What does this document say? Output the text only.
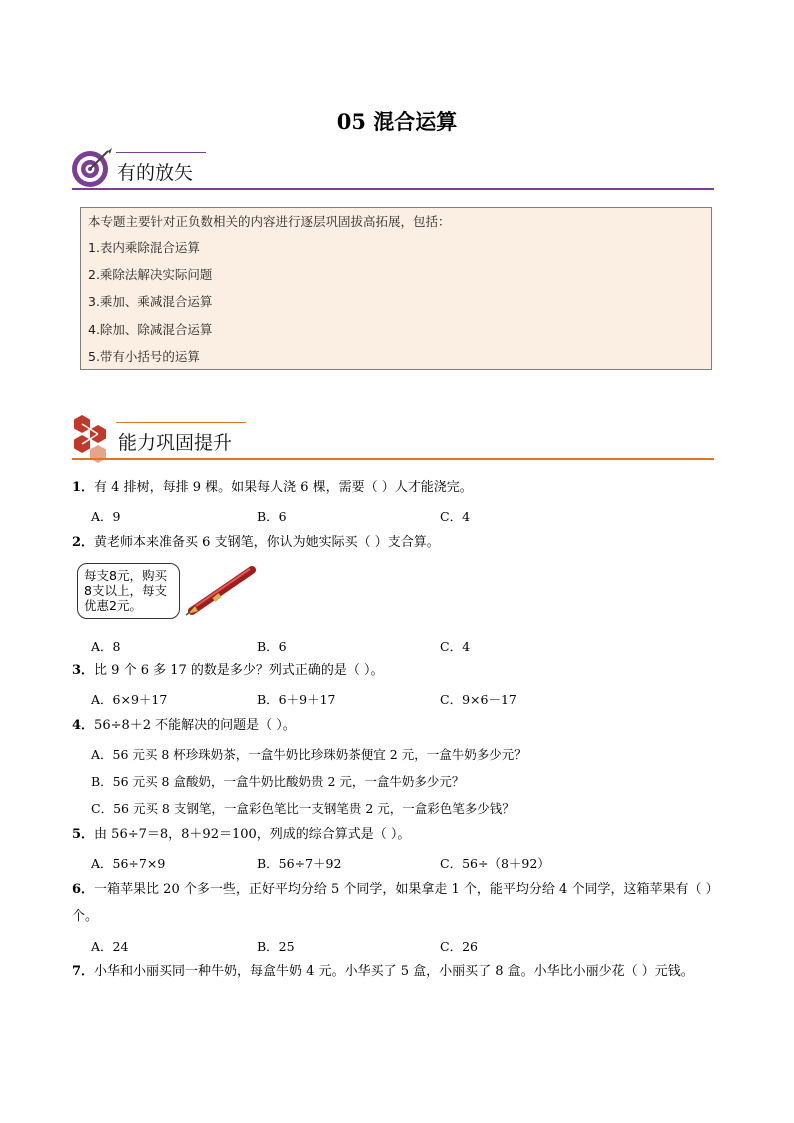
05 混合运算
有的放矢
本专题主要针对正负数相关的内容进行逐层巩固拔高拓展，包括：
1.表内乘除混合运算
2.乘除法解决实际问题
3.乘加、乘减混合运算
4.除加、除减混合运算
5.带有小括号的运算
能力巩固提升
1．有 4 排树，每排 9 棵。如果每人浇 6 棵，需要（ ）人才能浇完。
A．9	B．6	C．4
2．黄老师本来准备买 6 支钢笔，你认为她实际买（ ）支合算。
每支8元，购买
8支以上，每支
优惠2元。
A．8	B．6	C．4
3．比 9 个 6 多 17 的数是多少？列式正确的是（ ）。
A．6×9＋17	B．6＋9＋17	C．9×6－17
4．56÷8＋2 不能解决的问题是（ ）。
A．56 元买 8 杯珍珠奶茶，一盒牛奶比珍珠奶茶便宜 2 元，一盒牛奶多少元？
B．56 元买 8 盒酸奶，一盒牛奶比酸奶贵 2 元，一盒牛奶多少元？
C．56 元买 8 支钢笔，一盒彩色笔比一支钢笔贵 2 元，一盒彩色笔多少钱？
5．由 56÷7＝8，8＋92＝100，列成的综合算式是（ ）。
A．56÷7×9	B．56÷7＋92	C．56÷（8＋92）
6．一箱苹果比 20 个多一些，正好平均分给 5 个同学，如果拿走 1 个，能平均分给 4 个同学，这箱苹果有（ ）个。
A．24	B．25	C．26
7．小华和小丽买同一种牛奶，每盒牛奶 4 元。小华买了 5 盒，小丽买了 8 盒。小华比小丽少花（ ）元钱。
